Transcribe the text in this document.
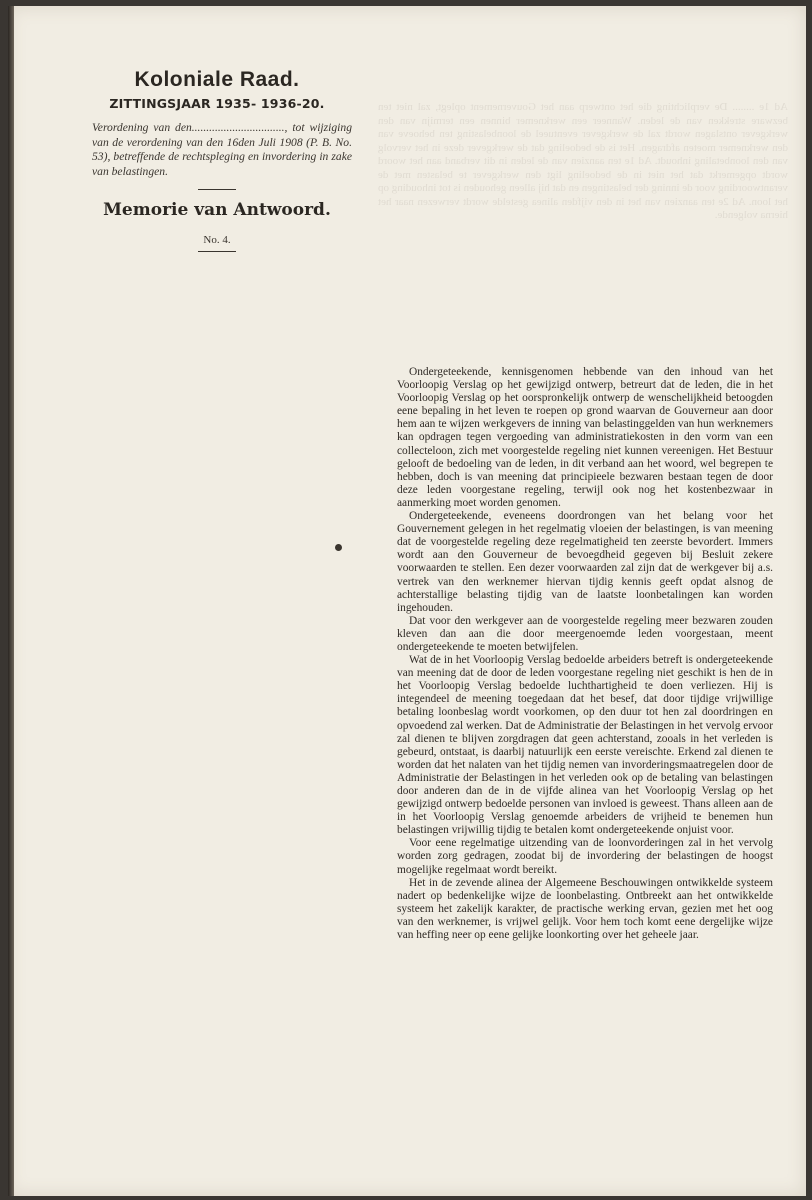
Ad 1e ........ De verplichting die het ontwerp aan het Gouvernement oplegt, zal niet ten bezware strekken van de leden. Wanneer een werknemer binnen een termijn van den werkgever ontslagen wordt zal de werkgever eventueel de loonbelasting ten behoeve van den werknemer moeten afdragen. Het is de bedoeling dat de werkgever deze in het vervolg van den loonbetaling inhoudt. Ad 1e ten aanzien van de leden in dit verband aan het woord wordt opgemerkt dat het niet in de bedoeling ligt den werkgever te belasten met de verantwoording voor de inning der belastingen en dat hij alleen gehouden is tot inhouding op het loon. Ad 2e ten aanzien van het in den vijfden alinea gestelde wordt verwezen naar het hierna volgende.
Koloniale Raad.
ZITTINGSJAAR 1935- 1936-20.
Verordening van den................................, tot wijziging van de verordening van den 16den Juli 1908 (P. B. No. 53), betreffende de rechtspleging en invordering in zake van belastingen.
Memorie van Antwoord.
No. 4.

Ondergeteekende, kennisgenomen hebbende van den inhoud van het Voorloopig Verslag op het gewijzigd ontwerp, betreurt dat de leden, die in het Voorloopig Verslag op het oorspronkelijk ontwerp de wenschelijkheid betoogden eene bepaling in het leven te roepen op grond waarvan de Gouverneur aan door hem aan te wijzen werkgevers de inning van belastinggelden van hun werknemers kan opdragen tegen vergoeding van administratiekosten in den vorm van een collecteloon, zich met voorgestelde regeling niet kunnen vereenigen. Het Bestuur gelooft de bedoeling van de leden, in dit verband aan het woord, wel begrepen te hebben, doch is van meening dat principieele bezwaren bestaan tegen de door deze leden voorgestane regeling, terwijl ook nog het kostenbezwaar in aanmerking moet worden genomen.

Ondergeteekende, eveneens doordrongen van het belang voor het Gouvernement gelegen in het regelmatig vloeien der belastingen, is van meening dat de voorgestelde regeling deze regelmatigheid ten zeerste bevordert. Immers wordt aan den Gouverneur de bevoegdheid gegeven bij Besluit zekere voorwaarden te stellen. Een dezer voorwaarden zal zijn dat de werkgever bij a.s. vertrek van den werknemer hiervan tijdig kennis geeft opdat alsnog de achterstallige belasting tijdig van de laatste loonbetalingen kan worden ingehouden.

Dat voor den werkgever aan de voorgestelde regeling meer bezwaren zouden kleven dan aan die door meergenoemde leden voorgestaan, meent ondergeteekende te moeten betwijfelen.

Wat de in het Voorloopig Verslag bedoelde arbeiders betreft is ondergeteekende van meening dat de door de leden voorgestane regeling niet geschikt is hen de in het Voorloopig Verslag bedoelde luchthartigheid te doen verliezen. Hij is integendeel de meening toegedaan dat het besef, dat door tijdige vrijwillige betaling loonbeslag wordt voorkomen, op den duur tot hen zal doordringen en opvoedend zal werken. Dat de Administratie der Belastingen in het vervolg ervoor zal dienen te blijven zorgdragen dat geen achterstand, zooals in het verleden is gebeurd, ontstaat, is daarbij natuurlijk een eerste vereischte. Erkend zal dienen te worden dat het nalaten van het tijdig nemen van invorderingsmaatregelen door de Administratie der Belastingen in het verleden ook op de betaling van belastingen door anderen dan de in de vijfde alinea van het Voorloopig Verslag op het gewijzigd ontwerp bedoelde personen van invloed is geweest. Thans alleen aan de in het Voorloopig Verslag genoemde arbeiders de vrijheid te benemen hun belastingen vrijwillig tijdig te betalen komt ondergeteekende onjuist voor.

Voor eene regelmatige uitzending van de loonvorderingen zal in het vervolg worden zorg gedragen, zoodat bij de invordering der belastingen de hoogst mogelijke regelmaat wordt bereikt.

Het in de zevende alinea der Algemeene Beschouwingen ontwikkelde systeem nadert op bedenkelijke wijze de loonbelasting. Ontbreekt aan het ontwikkelde systeem het zakelijk karakter, de practische werking ervan, gezien met het oog van den werknemer, is vrijwel gelijk. Voor hem toch komt eene dergelijke wijze van heffing neer op eene gelijke loonkorting over het geheele jaar.
